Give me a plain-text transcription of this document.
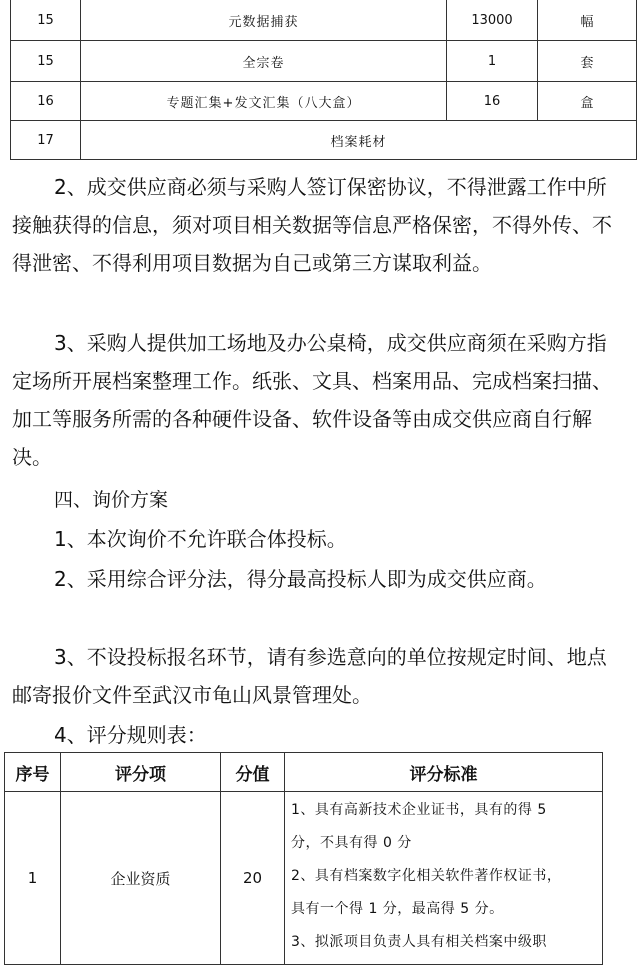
15	元数据捕获	13000	幅
15	全宗卷	1	套
16	专题汇集+发文汇集（八大盒）	16	盒
17	档案耗材		

2、成交供应商必须与采购人签订保密协议，不得泄露工作中所接触获得的信息，须对项目相关数据等信息严格保密，不得外传、不得泄密、不得利用项目数据为自己或第三方谋取利益。

3、采购人提供加工场地及办公桌椅，成交供应商须在采购方指定场所开展档案整理工作。纸张、文具、档案用品、完成档案扫描、加工等服务所需的各种硬件设备、软件设备等由成交供应商自行解决。

四、询价方案

1、本次询价不允许联合体投标。

2、采用综合评分法，得分最高投标人即为成交供应商。

3、不设投标报名环节，请有参选意向的单位按规定时间、地点邮寄报价文件至武汉市龟山风景管理处。

4、评分规则表：

序号	评分项	分值	评分标准
1	企业资质	20	1、具有高新技术企业证书，具有的得 5
分，不具有得 0 分
2、具有档案数字化相关软件著作权证书，
具有一个得 1 分，最高得 5 分。
3、拟派项目负责人具有相关档案中级职
